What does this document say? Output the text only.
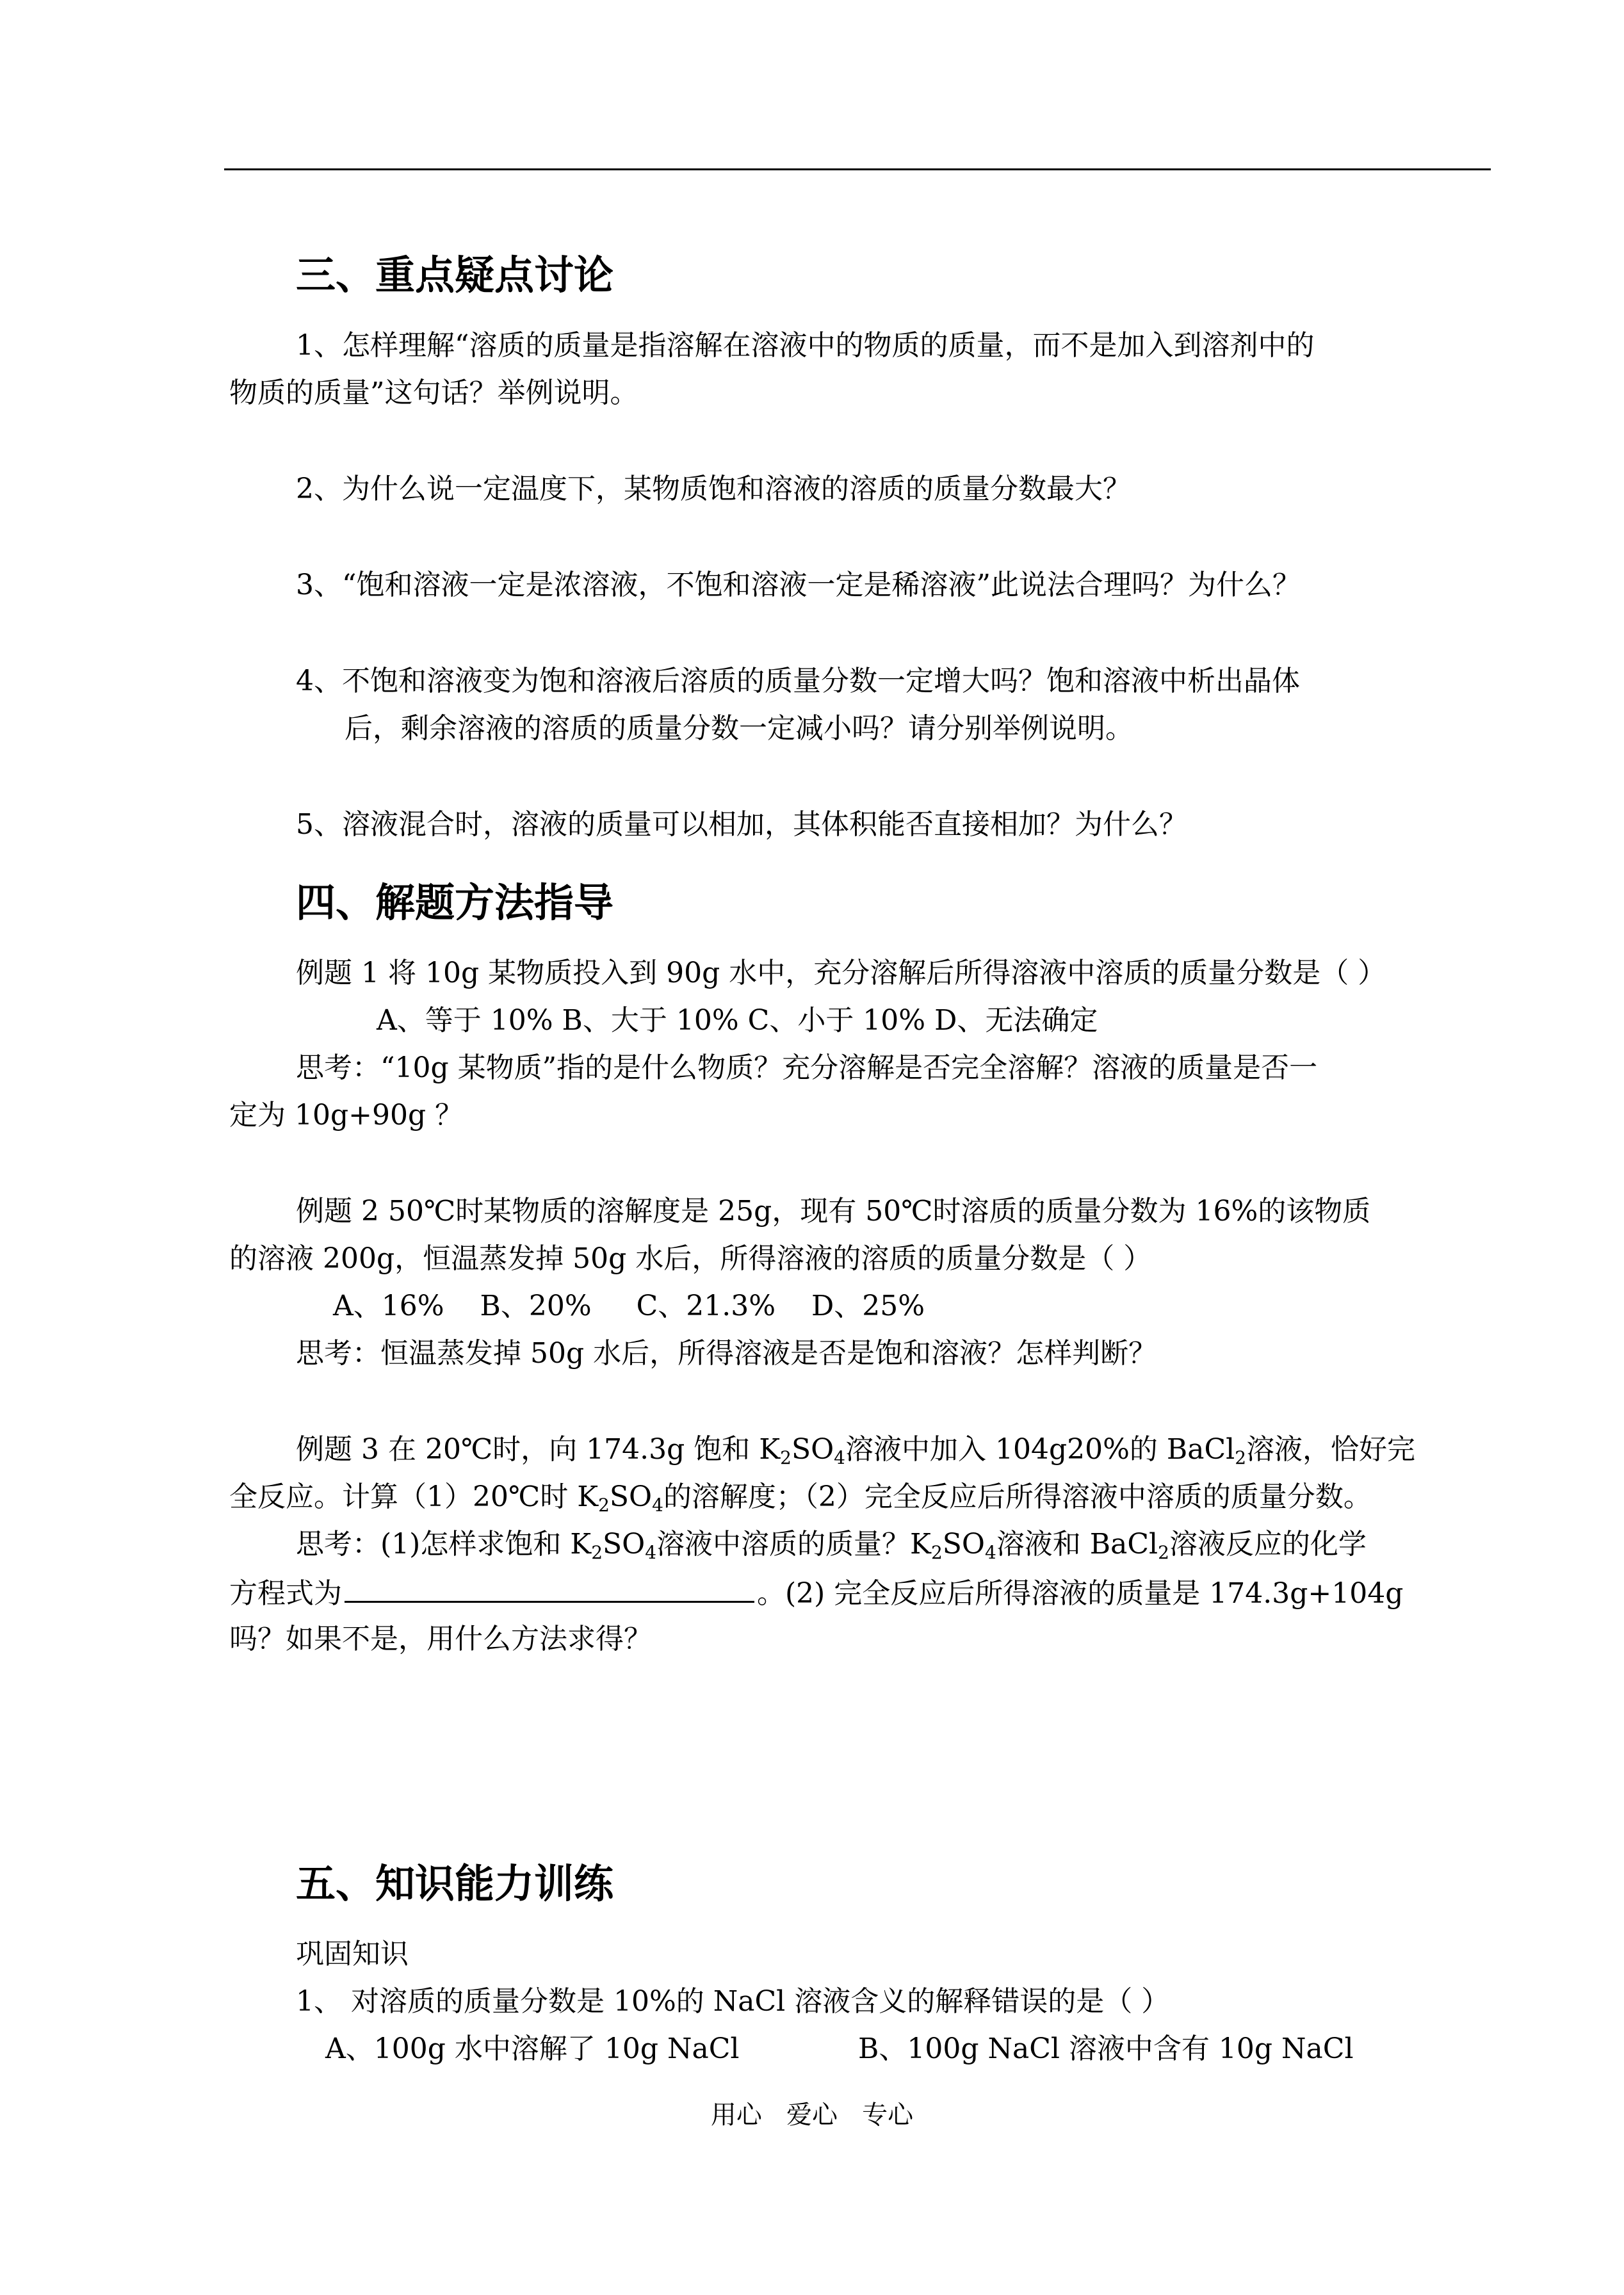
三、重点疑点讨论
1、怎样理解“溶质的质量是指溶解在溶液中的物质的质量，而不是加入到溶剂中的
物质的质量”这句话？举例说明。
2、为什么说一定温度下，某物质饱和溶液的溶质的质量分数最大？
3、“饱和溶液一定是浓溶液，不饱和溶液一定是稀溶液”此说法合理吗？为什么？
4、不饱和溶液变为饱和溶液后溶质的质量分数一定增大吗？饱和溶液中析出晶体
后，剩余溶液的溶质的质量分数一定减小吗？请分别举例说明。
5、溶液混合时，溶液的质量可以相加，其体积能否直接相加？为什么？
四、解题方法指导
例题 1 将 10g 某物质投入到 90g 水中，充分溶解后所得溶液中溶质的质量分数是（ ）
A、等于 10% B、大于 10% C、小于 10% D、无法确定
思考：“10g 某物质”指的是什么物质？充分溶解是否完全溶解？溶液的质量是否一
定为 10g+90g ？
例题 2 50℃时某物质的溶解度是 25g，现有 50℃时溶质的质量分数为 16%的该物质
的溶液 200g，恒温蒸发掉 50g 水后，所得溶液的溶质的质量分数是（ ）
A、16%    B、20%     C、21.3%    D、25%
思考：恒温蒸发掉 50g 水后，所得溶液是否是饱和溶液？怎样判断？
例题 3 在 20℃时，向 174.3g 饱和 $K_2SO_4$溶液中加入 104g20%的 BaCl$_2$溶液，恰好完
全反应。计算（1）20℃时 $K_2SO_4$的溶解度；（2）完全反应后所得溶液中溶质的质量分数。
思考：(1)怎样求饱和 $K_2SO_4$溶液中溶质的质量？$K_2SO_4$溶液和 BaCl$_2$溶液反应的化学
方程式为	。(2) 完全反应后所得溶液的质量是 174.3g+104g
吗？如果不是，用什么方法求得？
五、知识能力训练
巩固知识
1、 对溶质的质量分数是 10%的 NaCl 溶液含义的解释错误的是（ ）
A、100g 水中溶解了 10g NaCl	B、100g NaCl 溶液中含有 10g NaCl
用心   爱心   专心
